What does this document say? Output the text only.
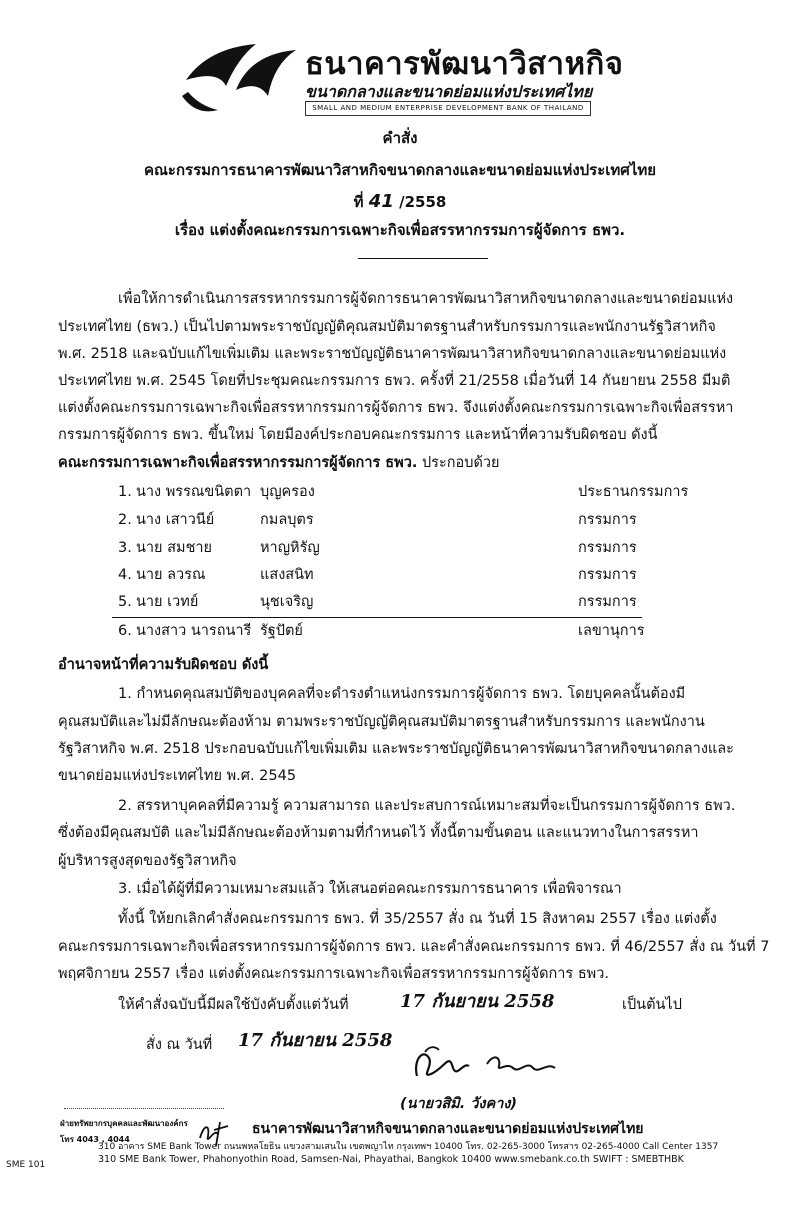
ธนาคารพัฒนาวิสาหกิจ
ขนาดกลางและขนาดย่อมแห่งประเทศไทย
SMALL AND MEDIUM ENTERPRISE DEVELOPMENT BANK OF THAILAND
คำสั่ง
คณะกรรมการธนาคารพัฒนาวิสาหกิจขนาดกลางและขนาดย่อมแห่งประเทศไทย
ที่ 41 /2558
เรื่อง แต่งตั้งคณะกรรมการเฉพาะกิจเพื่อสรรหากรรมการผู้จัดการ ธพว.
เพื่อให้การดำเนินการสรรหากรรมการผู้จัดการธนาคารพัฒนาวิสาหกิจขนาดกลางและขนาดย่อมแห่ง
ประเทศไทย (ธพว.) เป็นไปตามพระราชบัญญัติคุณสมบัติมาตรฐานสำหรับกรรมการและพนักงานรัฐวิสาหกิจ
พ.ศ. 2518 และฉบับแก้ไขเพิ่มเติม และพระราชบัญญัติธนาคารพัฒนาวิสาหกิจขนาดกลางและขนาดย่อมแห่ง
ประเทศไทย พ.ศ. 2545 โดยที่ประชุมคณะกรรมการ ธพว. ครั้งที่ 21/2558 เมื่อวันที่ 14 กันยายน 2558 มีมติ
แต่งตั้งคณะกรรมการเฉพาะกิจเพื่อสรรหากรรมการผู้จัดการ ธพว. จึงแต่งตั้งคณะกรรมการเฉพาะกิจเพื่อสรรหา
กรรมการผู้จัดการ ธพว. ขึ้นใหม่ โดยมีองค์ประกอบคณะกรรมการ และหน้าที่ความรับผิดชอบ ดังนี้
คณะกรรมการเฉพาะกิจเพื่อสรรหากรรมการผู้จัดการ ธพว. ประกอบด้วย
1. นาง พรรณขนิตตา บุญครอง	ประธานกรรมการ
2. นาง เสาวนีย์	กมลบุตร	กรรมการ
3. นาย สมชาย	หาญหิรัญ	กรรมการ
4. นาย ลวรณ	แสงสนิท	กรรมการ
5. นาย เวทย์	นุชเจริญ	กรรมการ
6. นางสาว นารถนารี รัฐปัตย์	เลขานุการ
อำนาจหน้าที่ความรับผิดชอบ ดังนี้
1. กำหนดคุณสมบัติของบุคคลที่จะดำรงตำแหน่งกรรมการผู้จัดการ ธพว. โดยบุคคลนั้นต้องมี
คุณสมบัติและไม่มีลักษณะต้องห้าม ตามพระราชบัญญัติคุณสมบัติมาตรฐานสำหรับกรรมการ และพนักงาน
รัฐวิสาหกิจ พ.ศ. 2518 ประกอบฉบับแก้ไขเพิ่มเติม และพระราชบัญญัติธนาคารพัฒนาวิสาหกิจขนาดกลางและ
ขนาดย่อมแห่งประเทศไทย พ.ศ. 2545
2. สรรหาบุคคลที่มีความรู้ ความสามารถ และประสบการณ์เหมาะสมที่จะเป็นกรรมการผู้จัดการ ธพว.
ซึ่งต้องมีคุณสมบัติ และไม่มีลักษณะต้องห้ามตามที่กำหนดไว้ ทั้งนี้ตามขั้นตอน และแนวทางในการสรรหา
ผู้บริหารสูงสุดของรัฐวิสาหกิจ
3. เมื่อได้ผู้ที่มีความเหมาะสมแล้ว ให้เสนอต่อคณะกรรมการธนาคาร เพื่อพิจารณา
ทั้งนี้ ให้ยกเลิกคำสั่งคณะกรรมการ ธพว. ที่ 35/2557 สั่ง ณ วันที่ 15 สิงหาคม 2557 เรื่อง แต่งตั้ง
คณะกรรมการเฉพาะกิจเพื่อสรรหากรรมการผู้จัดการ ธพว. และคำสั่งคณะกรรมการ ธพว. ที่ 46/2557 สั่ง ณ วันที่ 7
พฤศจิกายน 2557 เรื่อง แต่งตั้งคณะกรรมการเฉพาะกิจเพื่อสรรหากรรมการผู้จัดการ ธพว.
ให้คำสั่งฉบับนี้มีผลใช้บังคับตั้งแต่วันที่	17 กันยายน 2558	เป็นต้นไป
สั่ง ณ วันที่ 17 กันยายน 2558
(นายวสิมิ. วังคาง)
ฝ่ายทรัพยากรบุคคลและพัฒนาองค์กร
โทร 4043 , 4044
ธนาคารพัฒนาวิสาหกิจขนาดกลางและขนาดย่อมแห่งประเทศไทย
310 อาคาร SME Bank Tower ถนนพหลโยธิน แขวงสามเสนใน เขตพญาไท กรุงเทพฯ 10400 โทร. 02-265-3000 โทรสาร 02-265-4000 Call Center 1357
310 SME Bank Tower, Phahonyothin Road, Samsen-Nai, Phayathai, Bangkok 10400 www.smebank.co.th SWIFT : SMEBTHBK
SME 101
